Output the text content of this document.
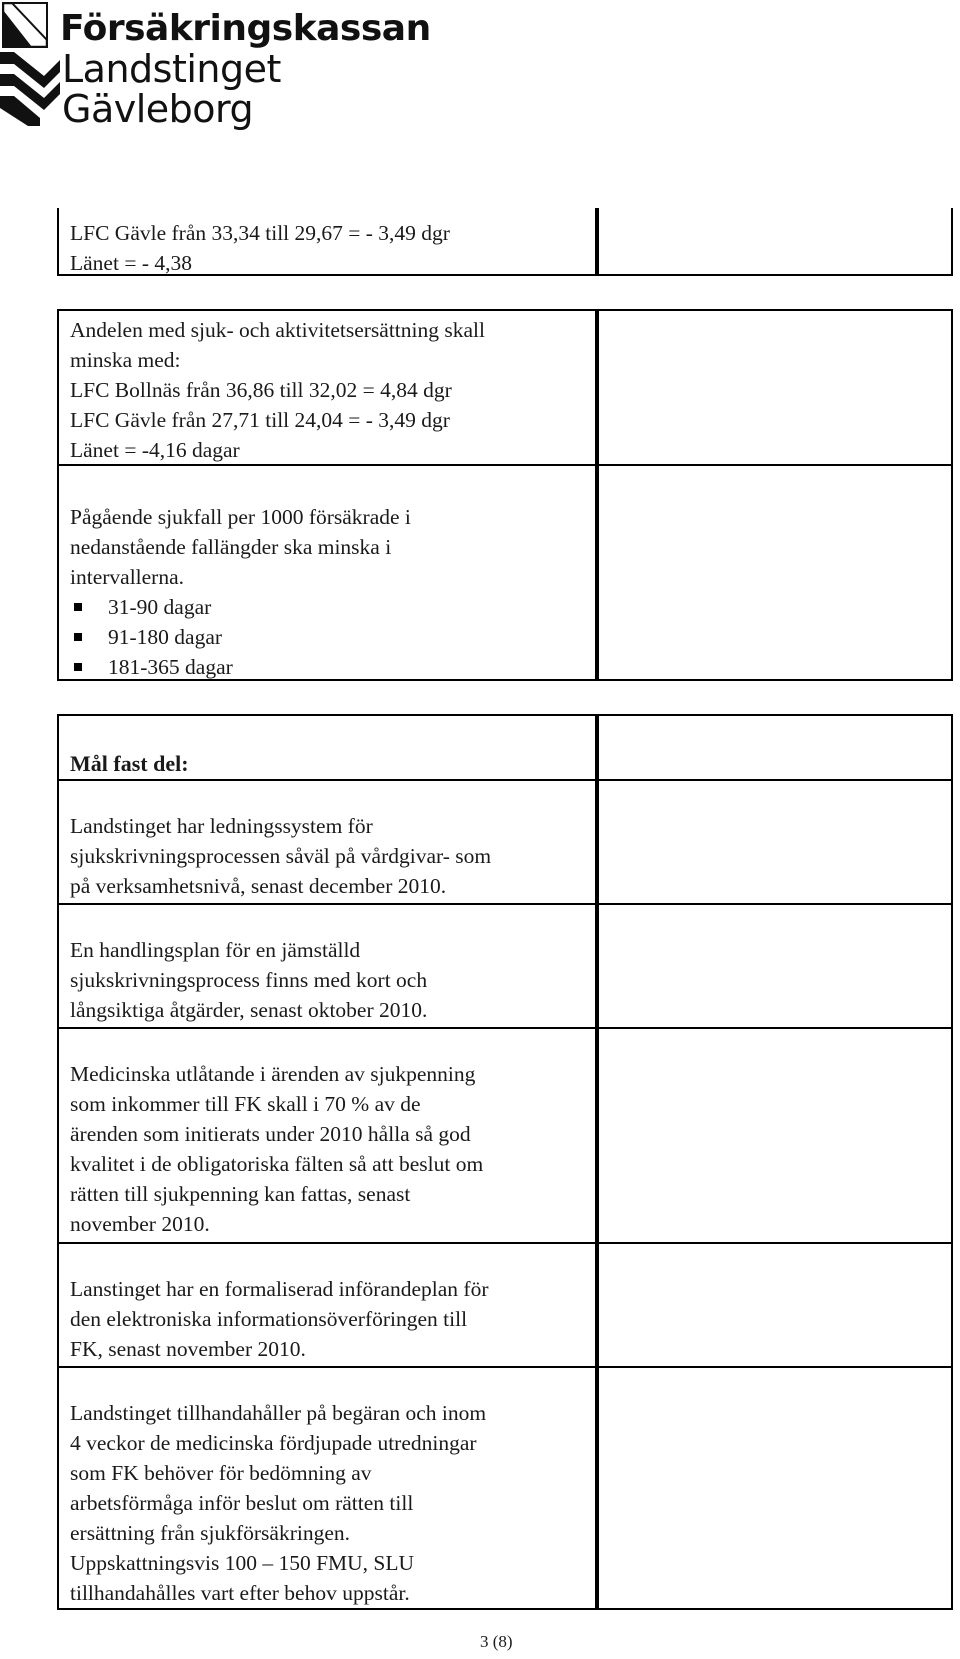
Försäkringskassan
Landstinget
Gävleborg
LFC Gävle från 33,34 till 29,67 = - 3,49 dgr
Länet = - 4,38
Andelen med sjuk- och aktivitetsersättning skall
minska med:
LFC Bollnäs från 36,86 till 32,02 = 4,84 dgr
LFC Gävle från 27,71 till 24,04 = - 3,49 dgr
Länet = -4,16 dagar
Pågående sjukfall per 1000 försäkrade i
nedanstående fallängder ska minska i
intervallerna.
31-90 dagar
91-180 dagar
181-365 dagar
Mål fast del:
Landstinget har ledningssystem för
sjukskrivningsprocessen såväl på vårdgivar- som
på verksamhetsnivå, senast december 2010.
En handlingsplan för en jämställd
sjukskrivningsprocess finns med kort och
långsiktiga åtgärder, senast oktober 2010.
Medicinska utlåtande i ärenden av sjukpenning
som inkommer till FK skall i 70 % av de
ärenden som initierats under 2010 hålla så god
kvalitet i de obligatoriska fälten så att beslut om
rätten till sjukpenning kan fattas, senast
november 2010.
Lanstinget har en formaliserad införandeplan för
den elektroniska informationsöverföringen till
FK, senast november 2010.
Landstinget tillhandahåller på begäran och inom
4 veckor de medicinska fördjupade utredningar
som FK behöver för bedömning av
arbetsförmåga inför beslut om rätten till
ersättning från sjukförsäkringen.
Uppskattningsvis 100 – 150 FMU, SLU
tillhandahålles vart efter behov uppstår.
3 (8)
